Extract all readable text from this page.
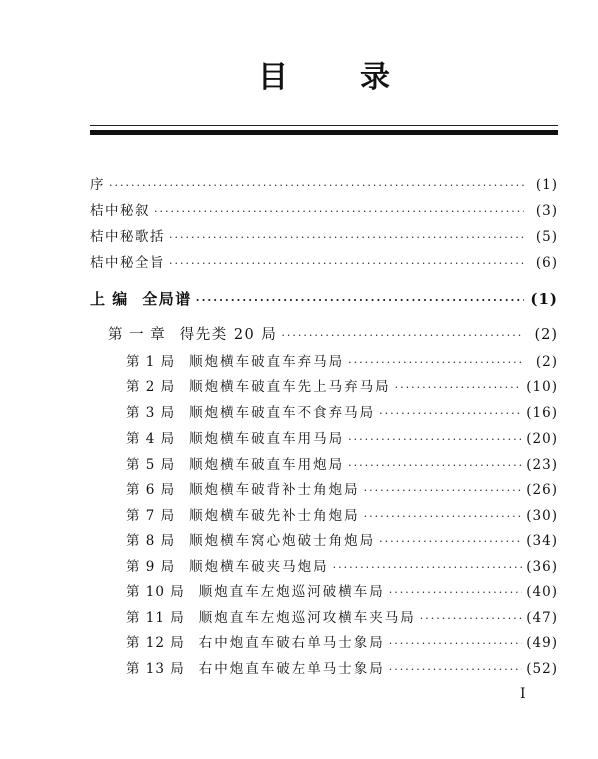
目 录
序 ·····	(1)
桔中秘叙 ·····	(3)
桔中秘歌括 ·····	(5)
桔中秘全旨 ·····	(6)
上 编 全局谱 ·····	(1)
第 一 章 得先类 20 局 ·····	(2)
第 1 局 顺炮横车破直车弃马局 ·····	(2)
第 2 局 顺炮横车破直车先上马弃马局 ·····	(10)
第 3 局 顺炮横车破直车不食弃马局 ·····	(16)
第 4 局 顺炮横车破直车用马局 ·····	(20)
第 5 局 顺炮横车破直车用炮局 ·····	(23)
第 6 局 顺炮横车破背补士角炮局 ·····	(26)
第 7 局 顺炮横车破先补士角炮局 ·····	(30)
第 8 局 顺炮横车窝心炮破士角炮局 ·····	(34)
第 9 局 顺炮横车破夹马炮局 ·····	(36)
第 10 局 顺炮直车左炮巡河破横车局 ·····	(40)
第 11 局 顺炮直车左炮巡河攻横车夹马局 ·····	(47)
第 12 局 右中炮直车破右单马士象局 ·····	(49)
第 13 局 右中炮直车破左单马士象局 ·····	(52)
I
